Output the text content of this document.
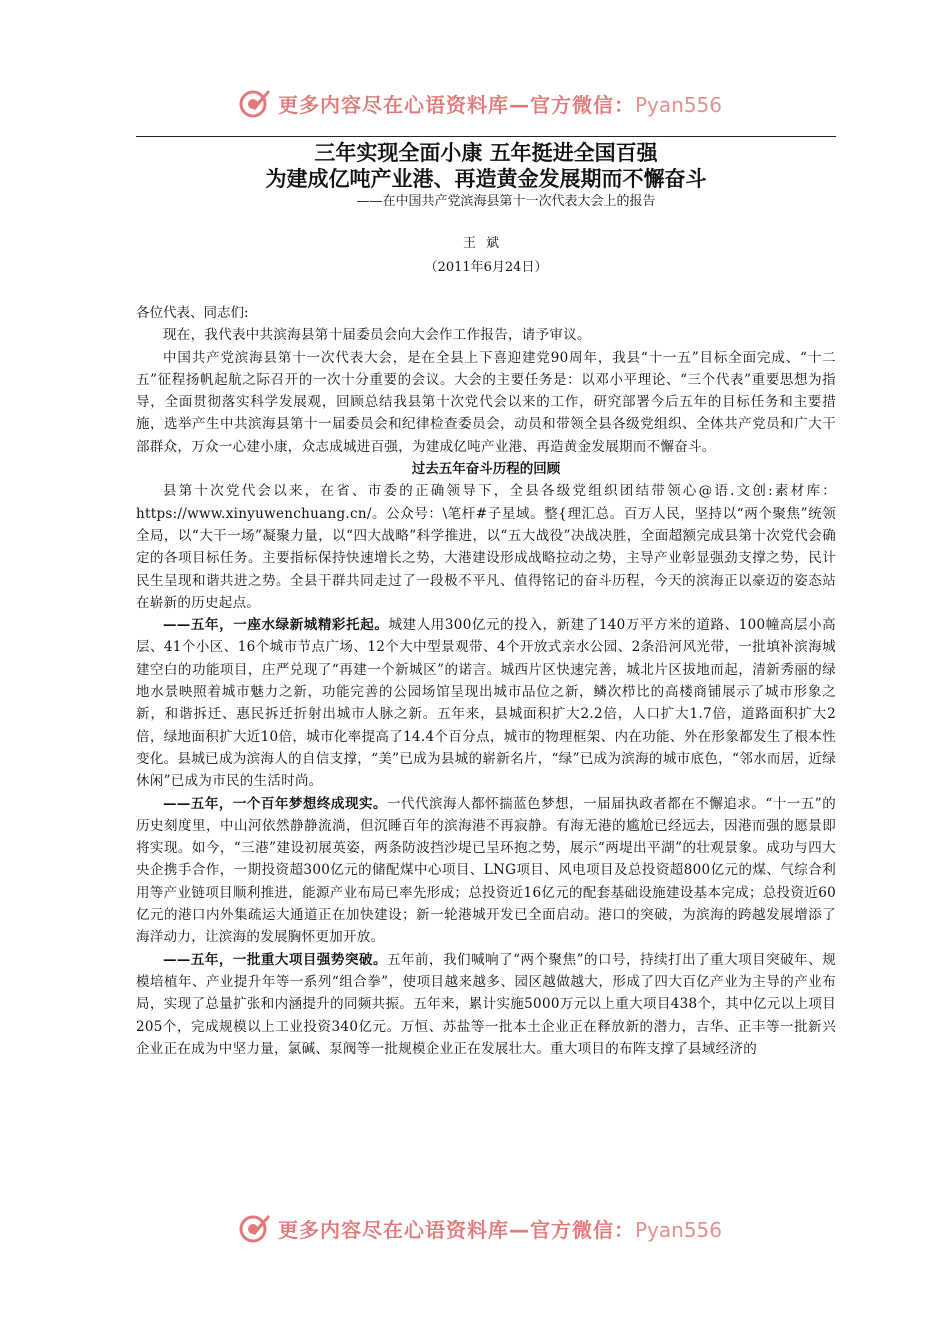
更多内容尽在心语资料库—官方微信：Pyan556
三年实现全面小康 五年挺进全国百强
为建成亿吨产业港、再造黄金发展期而不懈奋斗
——在中国共产党滨海县第十一次代表大会上的报告
王斌
（2011年6月24日）
各位代表、同志们:

现在，我代表中共滨海县第十届委员会向大会作工作报告，请予审议。

中国共产党滨海县第十一次代表大会，是在全县上下喜迎建党90周年，我县“十一五”目标全面完成、“十二五”征程扬帆起航之际召开的一次十分重要的会议。大会的主要任务是：以邓小平理论、“三个代表”重要思想为指导，全面贯彻落实科学发展观，回顾总结我县第十次党代会以来的工作，研究部署今后五年的目标任务和主要措施，选举产生中共滨海县第十一届委员会和纪律检查委员会，动员和带领全县各级党组织、全体共产党员和广大干部群众，万众一心建小康，众志成城进百强，为建成亿吨产业港、再造黄金发展期而不懈奋斗。

过去五年奋斗历程的回顾

县第十次党代会以来，在省、市委的正确领导下，全县各级党组织团结带领心@语.文创:素材库：https://www.xinyuwenchuang.cn/。公众号：\笔杆#子星域。整{理汇总。百万人民，坚持以“两个聚焦”统领全局，以“大干一场”凝聚力量，以“四大战略”科学推进，以“五大战役”决战决胜，全面超额完成县第十次党代会确定的各项目标任务。主要指标保持快速增长之势，大港建设形成战略拉动之势，主导产业彰显强劲支撑之势，民计民生呈现和谐共进之势。全县干群共同走过了一段极不平凡、值得铭记的奋斗历程，今天的滨海正以豪迈的姿态站在崭新的历史起点。

——五年，一座水绿新城精彩托起。城建人用300亿元的投入，新建了140万平方米的道路、100幢高层小高层、41个小区、16个城市节点广场、12个大中型景观带、4个开放式亲水公园、2条沿河风光带，一批填补滨海城建空白的功能项目，庄严兑现了“再建一个新城区”的诺言。城西片区快速完善，城北片区拔地而起，清新秀丽的绿地水景映照着城市魅力之新，功能完善的公园场馆呈现出城市品位之新，鳞次栉比的高楼商铺展示了城市形象之新，和谐拆迁、惠民拆迁折射出城市人脉之新。五年来，县城面积扩大2.2倍，人口扩大1.7倍，道路面积扩大2倍，绿地面积扩大近10倍，城市化率提高了14.4个百分点，城市的物理框架、内在功能、外在形象都发生了根本性变化。县城已成为滨海人的自信支撑，“美”已成为县城的崭新名片，“绿”已成为滨海的城市底色，“邻水而居，近绿休闲”已成为市民的生活时尚。

——五年，一个百年梦想终成现实。一代代滨海人都怀揣蓝色梦想，一届届执政者都在不懈追求。“十一五”的历史刻度里，中山河依然静静流淌，但沉睡百年的滨海港不再寂静。有海无港的尴尬已经远去，因港而强的愿景即将实现。如今，“三港”建设初展英姿，两条防波挡沙堤已呈环抱之势，展示“两堤出平湖”的壮观景象。成功与四大央企携手合作，一期投资超300亿元的储配煤中心项目、LNG项目、风电项目及总投资超800亿元的煤、气综合利用等产业链项目顺利推进，能源产业布局已率先形成；总投资近16亿元的配套基础设施建设基本完成；总投资近60亿元的港口内外集疏运大通道正在加快建设；新一轮港城开发已全面启动。港口的突破，为滨海的跨越发展增添了海洋动力，让滨海的发展胸怀更加开放。

——五年，一批重大项目强势突破。五年前，我们喊响了“两个聚焦”的口号，持续打出了重大项目突破年、规模培植年、产业提升年等一系列“组合拳”，使项目越来越多、园区越做越大，形成了四大百亿产业为主导的产业布局，实现了总量扩张和内涵提升的同频共振。五年来，累计实施5000万元以上重大项目438个，其中亿元以上项目205个，完成规模以上工业投资340亿元。万恒、苏盐等一批本土企业正在释放新的潜力，吉华、正丰等一批新兴企业正在成为中坚力量，氯碱、泵阀等一批规模企业正在发展壮大。重大项目的布阵支撑了县域经济的

更多内容尽在心语资料库—官方微信：Pyan556
